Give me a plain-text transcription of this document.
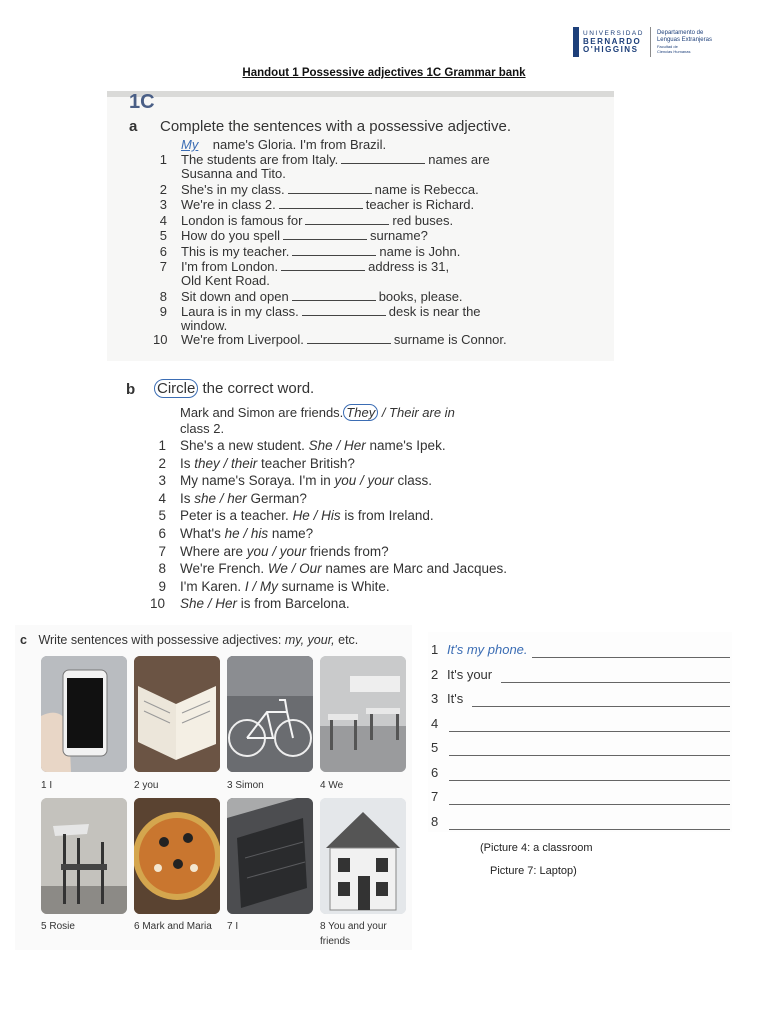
UNIVERSIDAD
BERNARDO
O'HIGGINS
Departamento de
Lenguas Extranjeras
Facultad de
Ciencias Humanas
Handout 1 Possessive adjectives 1C Grammar bank
1C
a Complete the sentences with a possessive adjective.
My name's Gloria. I'm from Brazil.
1 The students are from Italy.	names are
Susanna and Tito.
2 She's in my class.	name is Rebecca.
3 We're in class 2.	teacher is Richard.
4 London is famous for	red buses.
5 How do you spell	surname?
6 This is my teacher.	name is John.
7 I'm from London.	address is 31,
Old Kent Road.
8 Sit down and open	books, please.
9 Laura is in my class.	desk is near the
window.
10 We're from Liverpool.	surname is Connor.
b Circle the correct word.
Mark and Simon are friends. They / Their are in
class 2.
1 She's a new student. She / Her name's Ipek.
2 Is they / their teacher British?
3 My name's Soraya. I'm in you / your class.
4 Is she / her German?
5 Peter is a teacher. He / His is from Ireland.
6 What's he / his name?
7 Where are you / your friends from?
8 We're French. We / Our names are Marc and Jacques.
9 I'm Karen. I / My surname is White.
10 She / Her is from Barcelona.
c Write sentences with possessive adjectives: my, your, etc.
1 I	2 you	3 Simon	4 We
5 Rosie	6 Mark and Maria	7 I	8 You and your friends
1 It's my phone.
2 It's your
3 It's
4
5
6
7
8
(Picture 4: a classroom
Picture 7: Laptop)
